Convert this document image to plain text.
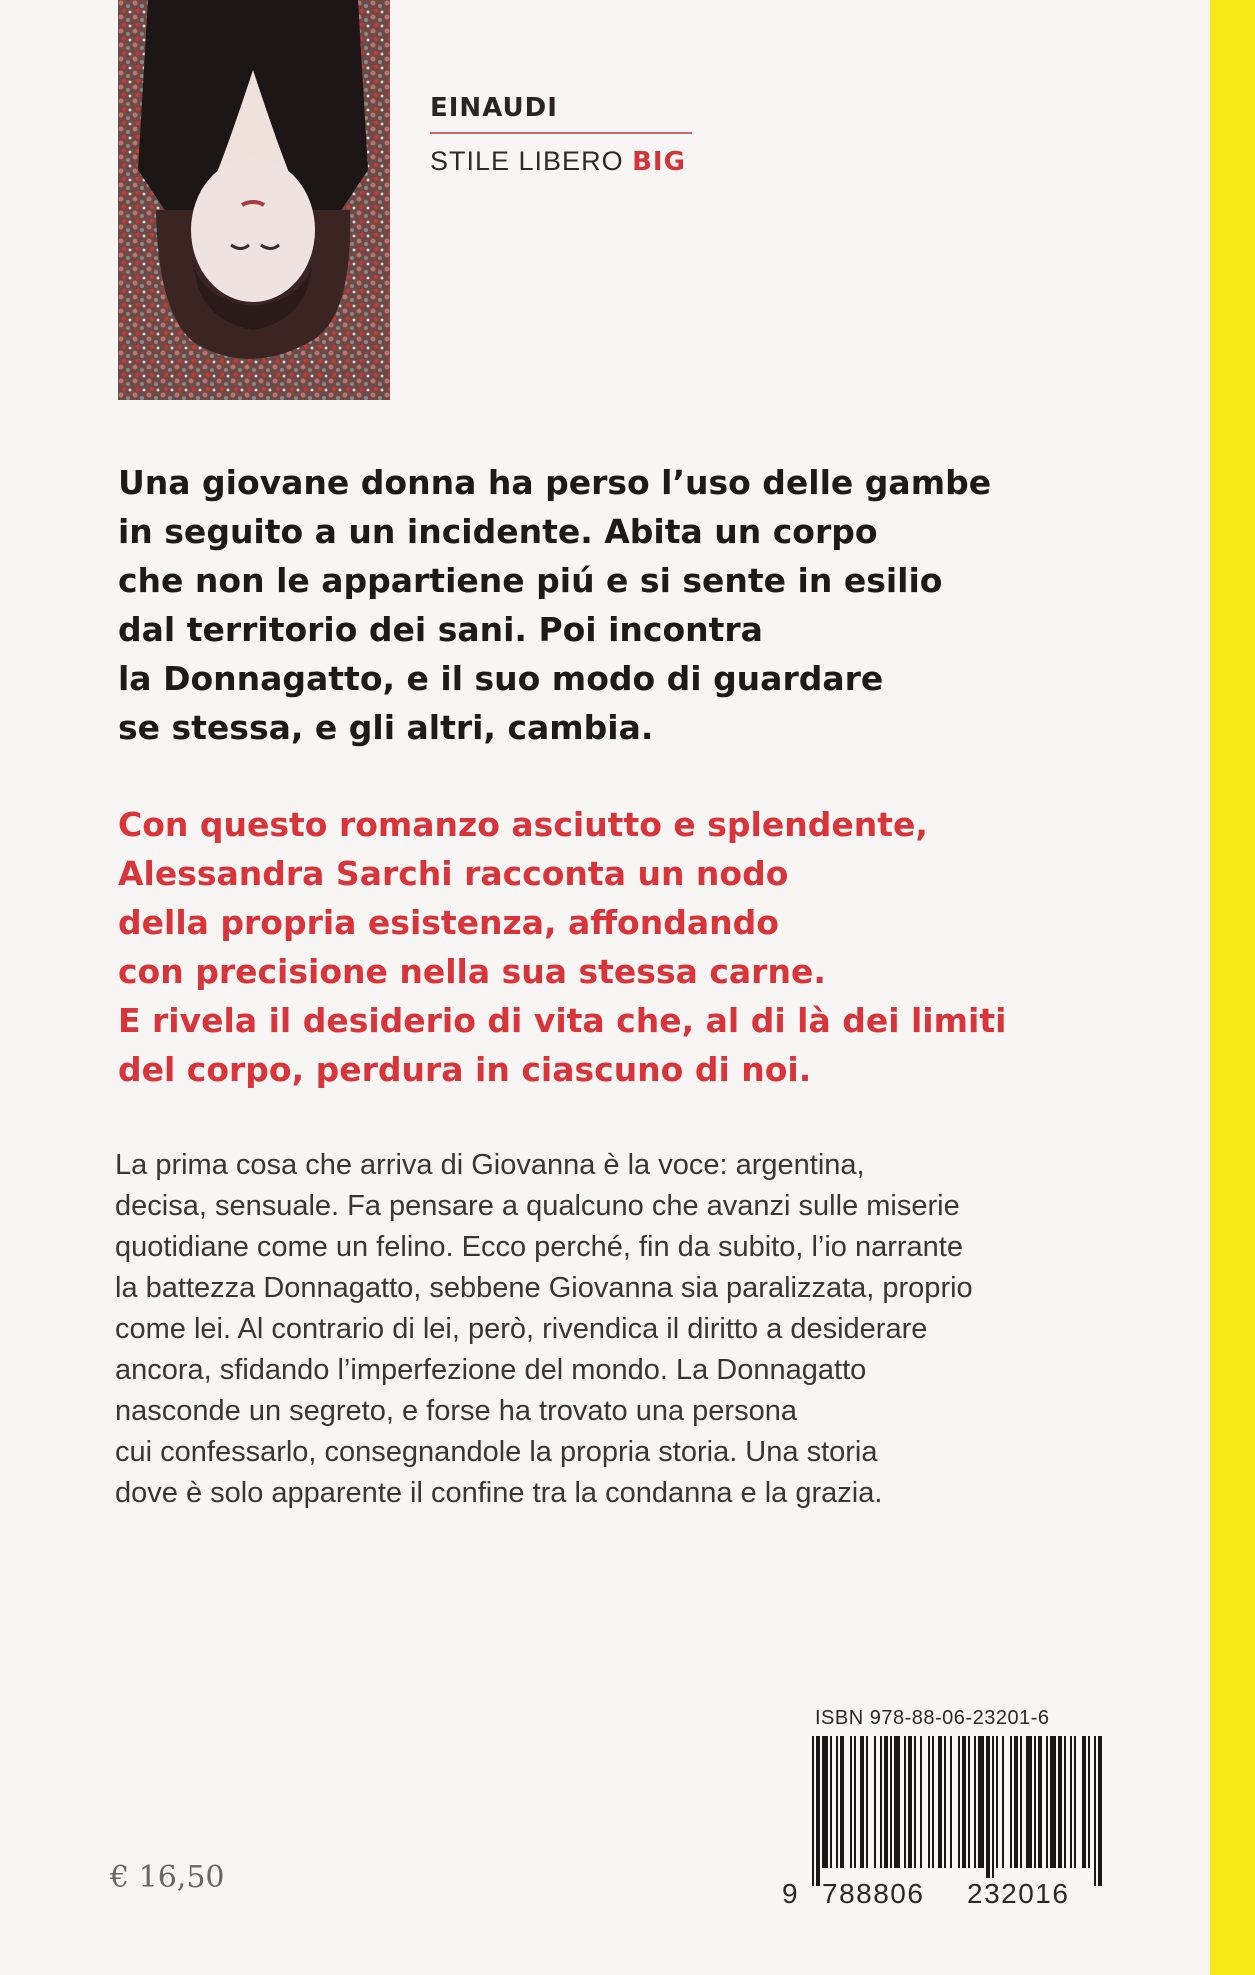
EINAUDI
STILE LIBERO BIG
Una giovane donna ha perso l’uso delle gambe
in seguito a un incidente. Abita un corpo
che non le appartiene piú e si sente in esilio
dal territorio dei sani. Poi incontra
la Donnagatto, e il suo modo di guardare
se stessa, e gli altri, cambia.
Con questo romanzo asciutto e splendente,
Alessandra Sarchi racconta un nodo
della propria esistenza, affondando
con precisione nella sua stessa carne.
E rivela il desiderio di vita che, al di là dei limiti
del corpo, perdura in ciascuno di noi.
La prima cosa che arriva di Giovanna è la voce: argentina,
decisa, sensuale. Fa pensare a qualcuno che avanzi sulle miserie
quotidiane come un felino. Ecco perché, fin da subito, l’io narrante
la battezza Donnagatto, sebbene Giovanna sia paralizzata, proprio
come lei. Al contrario di lei, però, rivendica il diritto a desiderare
ancora, sfidando l’imperfezione del mondo. La Donnagatto
nasconde un segreto, e forse ha trovato una persona
cui confessarlo, consegnandole la propria storia. Una storia
dove è solo apparente il confine tra la condanna e la grazia.
€ 16,50
ISBN 978-88-06-23201-6
9 788806 232016
